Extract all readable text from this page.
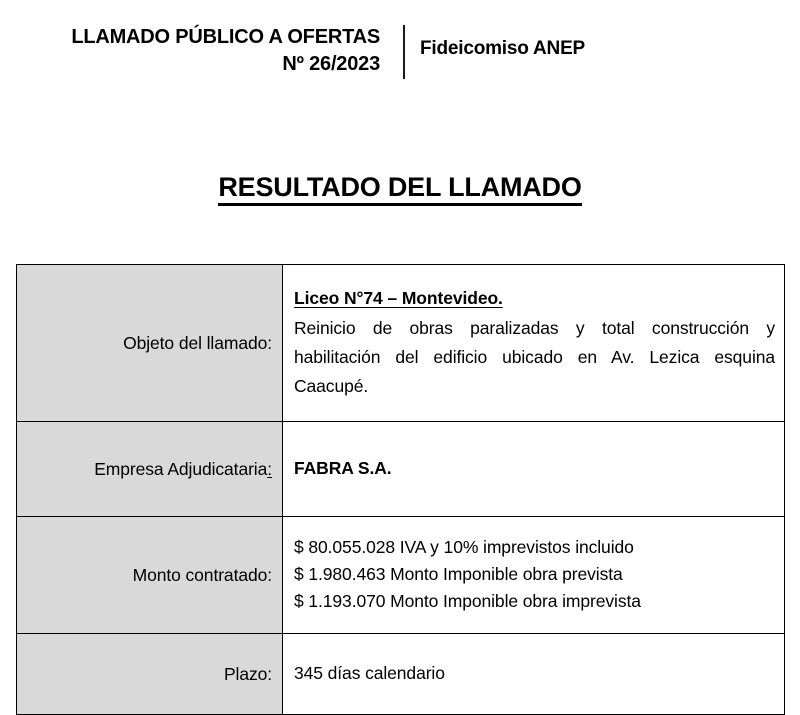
LLAMADO PÚBLICO A OFERTAS
Nº 26/2023
Fideicomiso ANEP
RESULTADO DEL LLAMADO
Objeto del llamado:	Liceo N°74 – Montevideo.
Reinicio de obras paralizadas y total construcción y habilitación del edificio ubicado en Av. Lezica esquina Caacupé.

Empresa Adjudicataria:	FABRA S.A.
Monto contratado:	$ 80.055.028 IVA y 10% imprevistos incluido
$ 1.980.463 Monto Imponible obra prevista
$ 1.193.070 Monto Imponible obra imprevista

Plazo:	345 días calendario
